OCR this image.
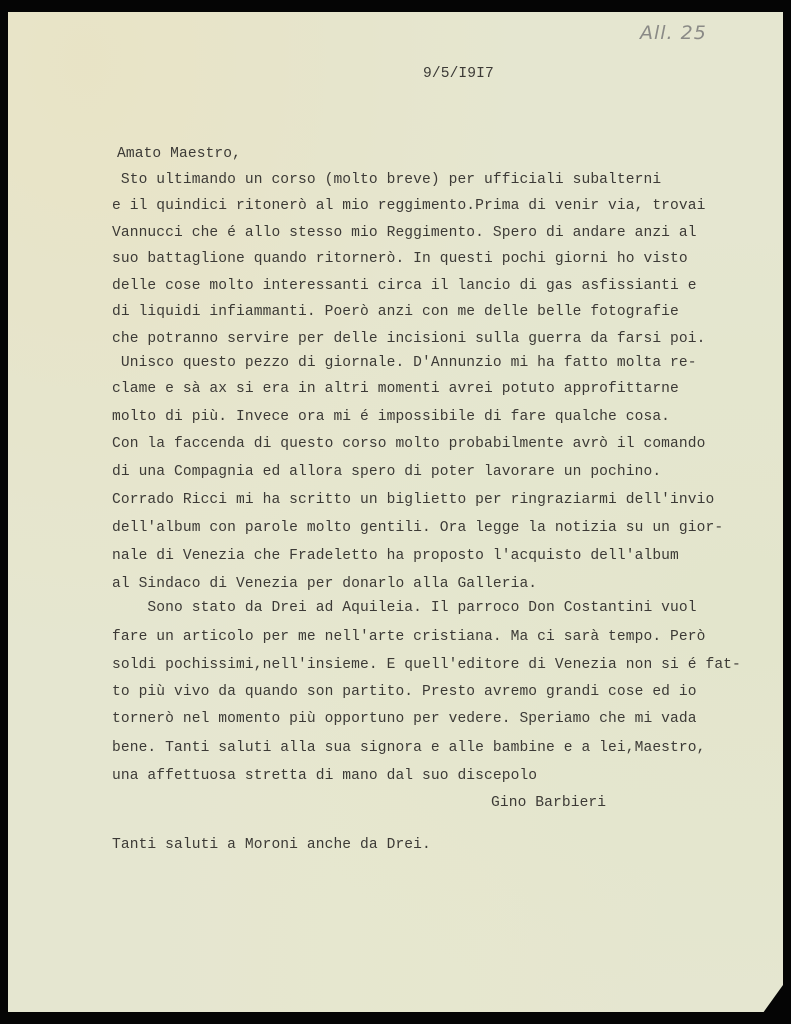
All. 25
9/5/I9I7
Amato Maestro,
Sto ultimando un corso (molto breve) per ufficiali subalterni
e il quindici ritonerò al mio reggimento.Prima di venir via, trovai
Vannucci che é allo stesso mio Reggimento. Spero di andare anzi al
suo battaglione quando ritornerò. In questi pochi giorni ho visto
delle cose molto interessanti circa il lancio di gas asfissianti e
di liquidi infiammanti. Poerò anzi con me delle belle fotografie
che potranno servire per delle incisioni sulla guerra da farsi poi.
Unisco questo pezzo di giornale. D'Annunzio mi ha fatto molta re-
clame e sà ax si era in altri momenti avrei potuto approfittarne
molto di più. Invece ora mi é impossibile di fare qualche cosa.
Con la faccenda di questo corso molto probabilmente avrò il comando
di una Compagnia ed allora spero di poter lavorare un pochino.
Corrado Ricci mi ha scritto un biglietto per ringraziarmi dell'invio
dell'album con parole molto gentili. Ora legge la notizia su un gior-
nale di Venezia che Fradeletto ha proposto l'acquisto dell'album
al Sindaco di Venezia per donarlo alla Galleria.
Sono stato da Drei ad Aquileia. Il parroco Don Costantini vuol
fare un articolo per me nell'arte cristiana. Ma ci sarà tempo. Però
soldi pochissimi,nell'insieme. E quell'editore di Venezia non si é fat-
to più vivo da quando son partito. Presto avremo grandi cose ed io
tornerò nel momento più opportuno per vedere. Speriamo che mi vada
bene. Tanti saluti alla sua signora e alle bambine e a lei,Maestro,
una affettuosa stretta di mano dal suo discepolo
Gino Barbieri
Tanti saluti a Moroni anche da Drei.
